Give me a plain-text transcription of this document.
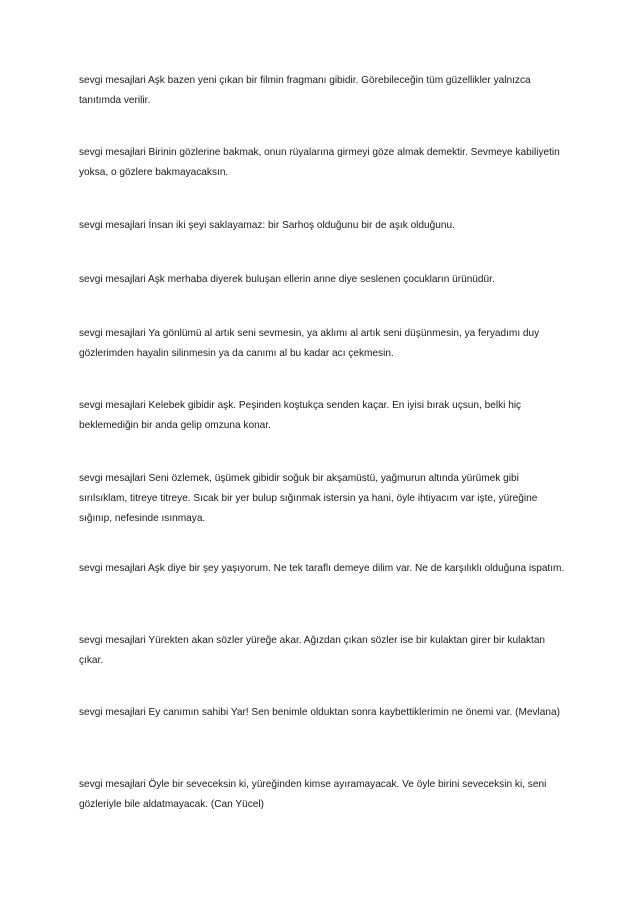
sevgi mesajlari Aşk bazen yeni çıkan bir filmin fragmanı gibidir. Görebileceğin tüm güzellikler yalnızca tanıtımda verilir.

sevgi mesajlari Birinin gözlerine bakmak, onun rüyalarına girmeyi göze almak demektir. Sevmeye kabiliyetin yoksa, o gözlere bakmayacaksın.

sevgi mesajlari İnsan iki şeyi saklayamaz: bir Sarhoş olduğunu bir de aşık olduğunu.

sevgi mesajlari Aşk merhaba diyerek buluşan ellerin anne diye seslenen çocukların ürünüdür.

sevgi mesajlari Ya gönlümü al artık seni sevmesin, ya aklımı al artık seni düşünmesin, ya feryadımı duy gözlerimden hayalin silinmesin ya da canımı al bu kadar acı çekmesin.

sevgi mesajlari Kelebek gibidir aşk. Peşinden koştukça senden kaçar. En iyisi bırak uçsun, belki hiç beklemediğin bir anda gelip omzuna konar.

sevgi mesajlari Seni özlemek, üşümek gibidir soğuk bir akşamüstü, yağmurun altında yürümek gibi sırılsıklam, titreye titreye. Sıcak bir yer bulup sığınmak istersin ya hani, öyle ihtiyacım var işte, yüreğine sığınıp, nefesinde ısınmaya.

sevgi mesajlari Aşk diye bir şey yaşıyorum. Ne tek taraflı demeye dilim var. Ne de karşılıklı olduğuna ispatım.

sevgi mesajlari Yürekten akan sözler yüreğe akar. Ağızdan çıkan sözler ise bir kulaktan girer bir kulaktan çıkar.

sevgi mesajlari Ey canımın sahibi Yar! Sen benimle olduktan sonra kaybettiklerimin ne önemi var. (Mevlana)

sevgi mesajlari Öyle bir seveceksin ki, yüreğinden kimse ayıramayacak. Ve öyle birini seveceksin ki, seni gözleriyle bile aldatmayacak. (Can Yücel)
